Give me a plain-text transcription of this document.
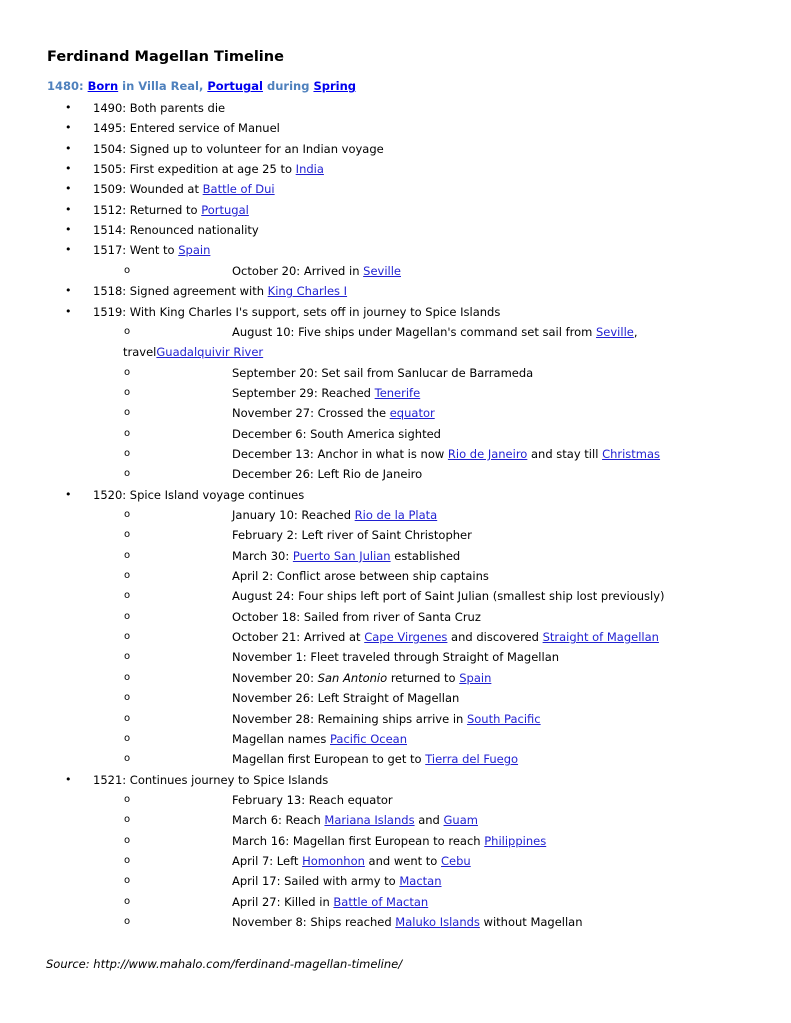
Ferdinand Magellan Timeline
1480: Born in Villa Real, Portugal during Spring
• 1490: Both parents die
• 1495: Entered service of Manuel
• 1504: Signed up to volunteer for an Indian voyage
• 1505: First expedition at age 25 to India
• 1509: Wounded at Battle of Dui
• 1512: Returned to Portugal
• 1514: Renounced nationality
• 1517: Went to Spain
o	October 20: Arrived in Seville
• 1518: Signed agreement with King Charles I
• 1519: With King Charles I's support, sets off in journey to Spice Islands
o	August 10: Five ships under Magellan's command set sail from Seville,
travelGuadalquivir River
o	September 20: Set sail from Sanlucar de Barrameda
o	September 29: Reached Tenerife
o	November 27: Crossed the equator
o	December 6: South America sighted
o	December 13: Anchor in what is now Rio de Janeiro and stay till Christmas
o	December 26: Left Rio de Janeiro
• 1520: Spice Island voyage continues
o	January 10: Reached Rio de la Plata
o	February 2: Left river of Saint Christopher
o	March 30: Puerto San Julian established
o	April 2: Conflict arose between ship captains
o	August 24: Four ships left port of Saint Julian (smallest ship lost previously)
o	October 18: Sailed from river of Santa Cruz
o	October 21: Arrived at Cape Virgenes and discovered Straight of Magellan
o	November 1: Fleet traveled through Straight of Magellan
o	November 20: San Antonio returned to Spain
o	November 26: Left Straight of Magellan
o	November 28: Remaining ships arrive in South Pacific
o	Magellan names Pacific Ocean
o	Magellan first European to get to Tierra del Fuego
• 1521: Continues journey to Spice Islands
o	February 13: Reach equator
o	March 6: Reach Mariana Islands and Guam
o	March 16: Magellan first European to reach Philippines
o	April 7: Left Homonhon and went to Cebu
o	April 17: Sailed with army to Mactan
o	April 27: Killed in Battle of Mactan
o	November 8: Ships reached Maluko Islands without Magellan
Source: http://www.mahalo.com/ferdinand-magellan-timeline/
